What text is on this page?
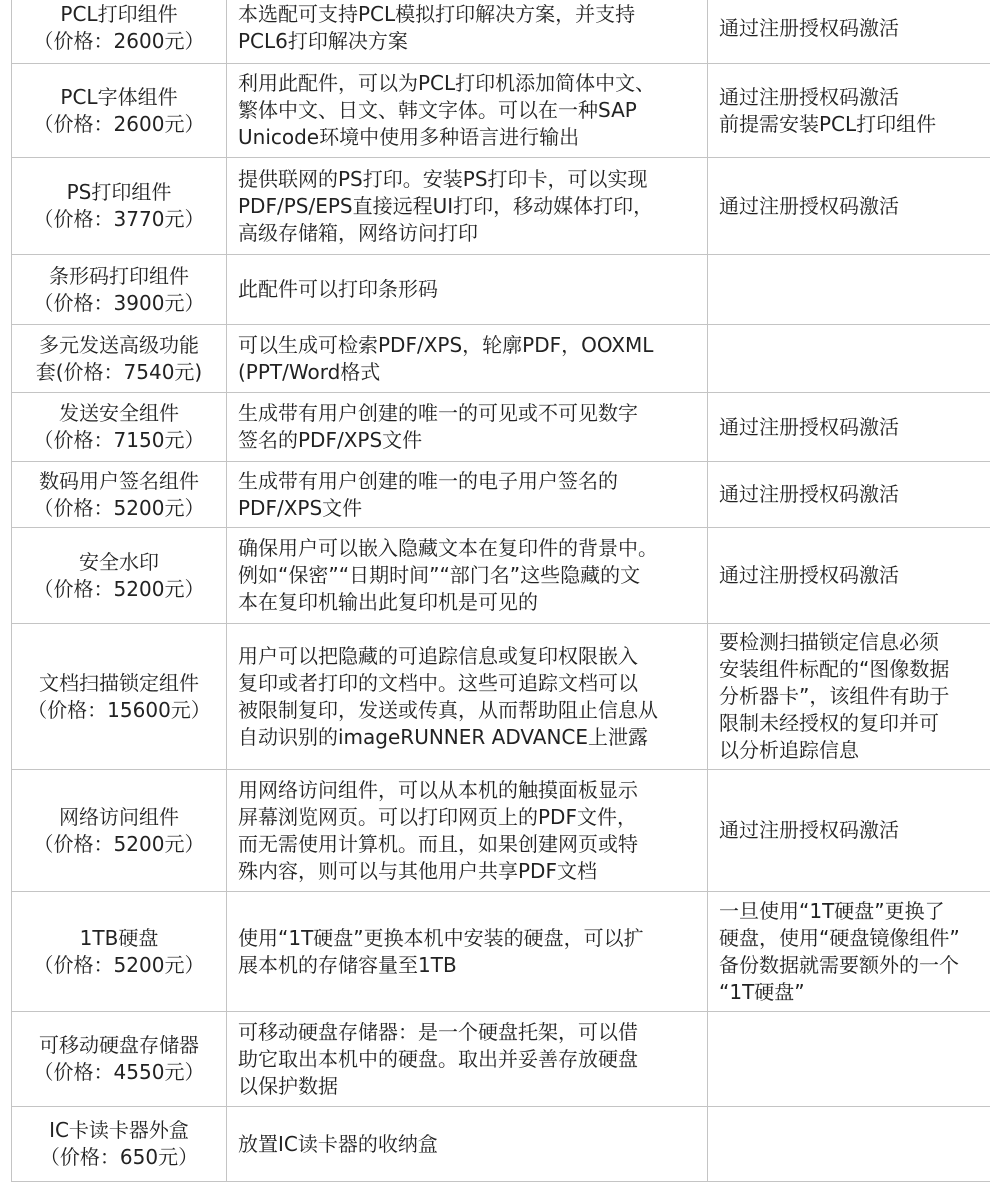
PCL打印组件
（价格：2600元）	本选配可支持PCL模拟打印解决方案，并支持
PCL6打印解决方案	通过注册授权码激活

PCL字体组件
（价格：2600元）	利用此配件，可以为PCL打印机添加简体中文、
繁体中文、日文、韩文字体。可以在一种SAP
Unicode环境中使用多种语言进行输出	通过注册授权码激活
前提需安装PCL打印组件

PS打印组件
（价格：3770元）	提供联网的PS打印。安装PS打印卡，可以实现
PDF/PS/EPS直接远程UI打印，移动媒体打印，
高级存储箱，网络访问打印	通过注册授权码激活

条形码打印组件
（价格：3900元）	此配件可以打印条形码	

多元发送高级功能
套(价格：7540元)	可以生成可检索PDF/XPS，轮廓PDF，OOXML
(PPT/Word格式	

发送安全组件
（价格：7150元）	生成带有用户创建的唯一的可见或不可见数字
签名的PDF/XPS文件	通过注册授权码激活

数码用户签名组件
（价格：5200元）	生成带有用户创建的唯一的电子用户签名的
PDF/XPS文件	通过注册授权码激活

安全水印
（价格：5200元）	确保用户可以嵌入隐藏文本在复印件的背景中。
例如“保密”“日期时间”“部门名”这些隐藏的文
本在复印机输出此复印机是可见的	通过注册授权码激活

文档扫描锁定组件
（价格：15600元）	用户可以把隐藏的可追踪信息或复印权限嵌入
复印或者打印的文档中。这些可追踪文档可以
被限制复印，发送或传真，从而帮助阻止信息从
自动识别的imageRUNNER ADVANCE上泄露	要检测扫描锁定信息必须
安装组件标配的“图像数据
分析器卡”，该组件有助于
限制未经授权的复印并可
以分析追踪信息

网络访问组件
（价格：5200元）	用网络访问组件，可以从本机的触摸面板显示
屏幕浏览网页。可以打印网页上的PDF文件，
而无需使用计算机。而且，如果创建网页或特
殊内容，则可以与其他用户共享PDF文档	通过注册授权码激活

1TB硬盘
（价格：5200元）	使用“1T硬盘”更换本机中安装的硬盘，可以扩
展本机的存储容量至1TB	一旦使用“1T硬盘”更换了
硬盘，使用“硬盘镜像组件”
备份数据就需要额外的一个
“1T硬盘”

可移动硬盘存储器
（价格：4550元）	可移动硬盘存储器：是一个硬盘托架，可以借
助它取出本机中的硬盘。取出并妥善存放硬盘
以保护数据	

IC卡读卡器外盒
（价格：650元）	放置IC读卡器的收纳盒	
